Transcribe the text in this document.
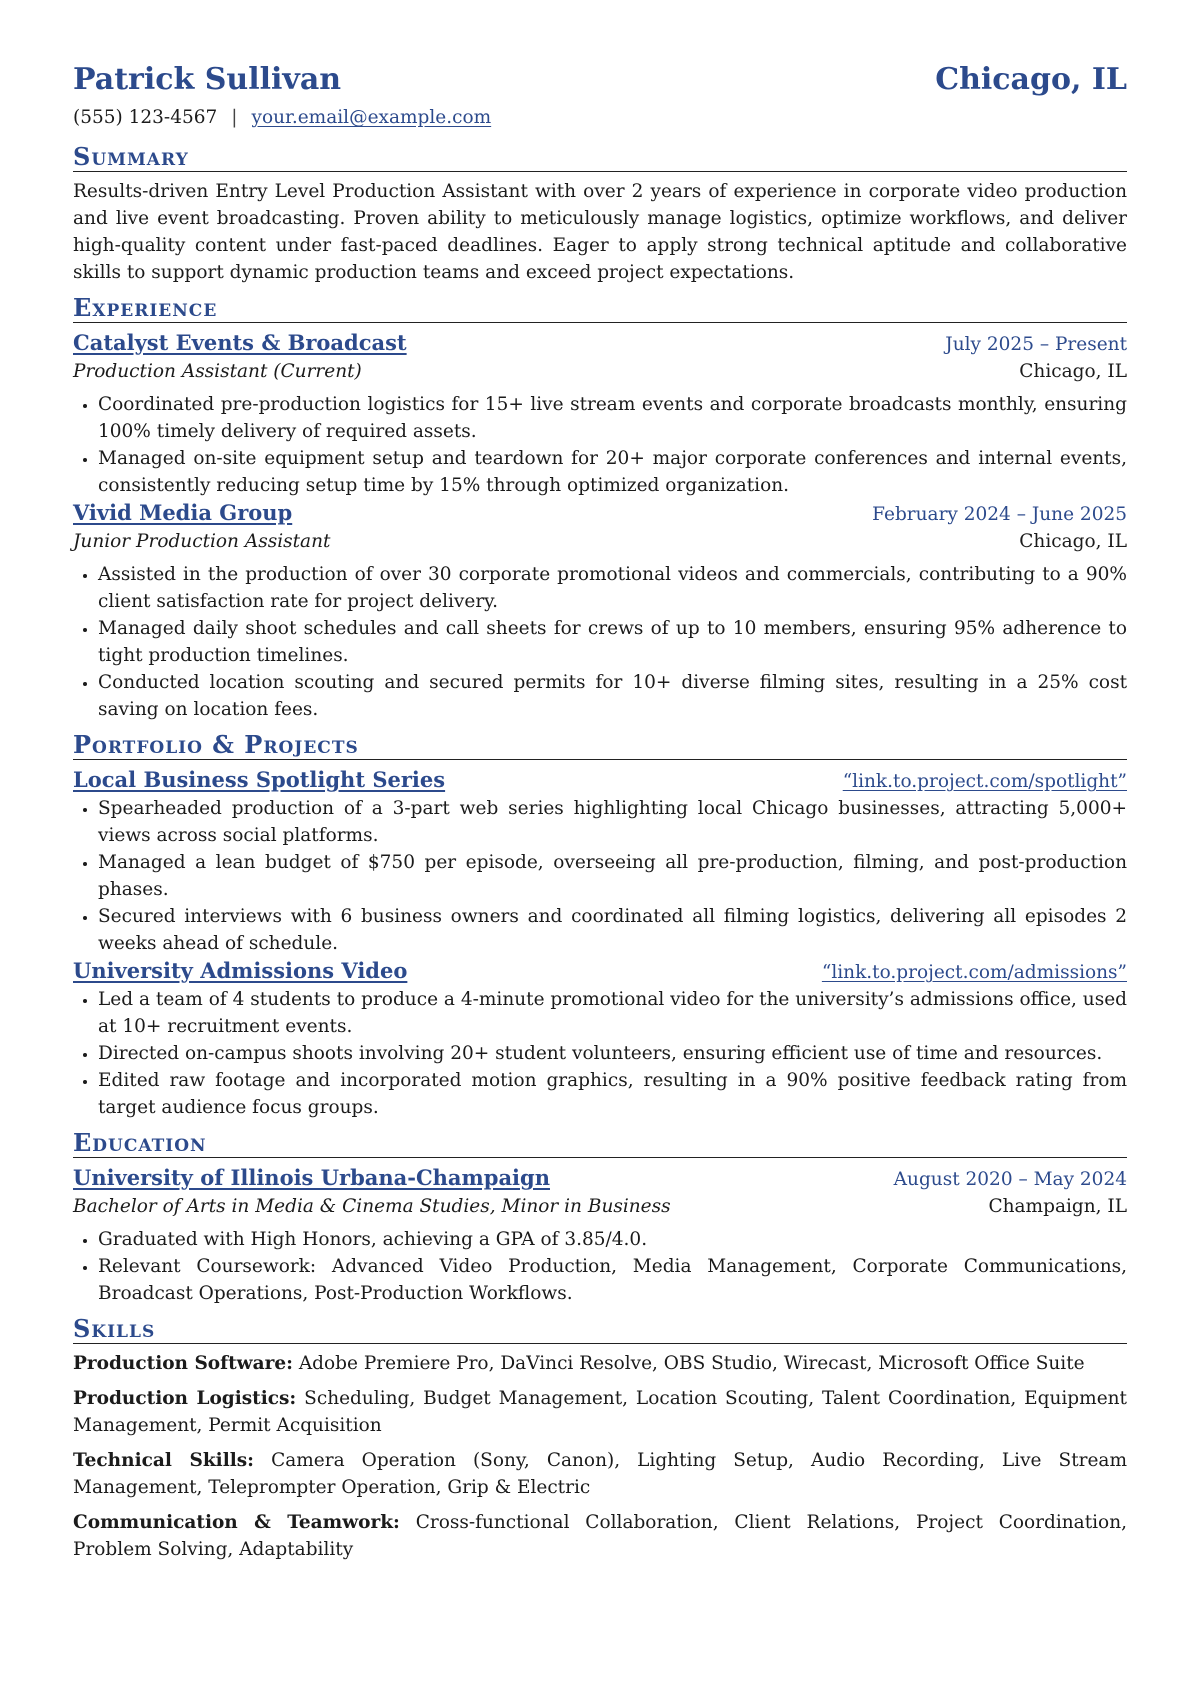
Patrick Sullivan	Chicago, IL
(555) 123-4567 | your.email@example.com
Summary

Results-driven Entry Level Production Assistant with over 2 years of experience in corporate video production and live event broadcasting. Proven ability to meticulously manage logistics, optimize workflows, and deliver high-quality content under fast-paced deadlines. Eager to apply strong technical aptitude and collaborative skills to support dynamic production teams and exceed project expectations.

Experience
Catalyst Events & Broadcast	July 2025 – Present
Production Assistant (Current)	Chicago, IL
• Coordinated pre-production logistics for 15+ live stream events and corporate broadcasts monthly, ensuring 100% timely delivery of required assets.
• Managed on-site equipment setup and teardown for 20+ major corporate conferences and internal events, consistently reducing setup time by 15% through optimized organization.
Vivid Media Group	February 2024 – June 2025
Junior Production Assistant	Chicago, IL
• Assisted in the production of over 30 corporate promotional videos and commercials, contributing to a 90% client satisfaction rate for project delivery.
• Managed daily shoot schedules and call sheets for crews of up to 10 members, ensuring 95% adherence to tight production timelines.
• Conducted location scouting and secured permits for 10+ diverse filming sites, resulting in a 25% cost saving on location fees.
Portfolio & Projects
Local Business Spotlight Series	“link.to.project.com/spotlight”
• Spearheaded production of a 3-part web series highlighting local Chicago businesses, attracting 5,000+ views across social platforms.
• Managed a lean budget of $750 per episode, overseeing all pre-production, filming, and post-production phases.
• Secured interviews with 6 business owners and coordinated all filming logistics, delivering all episodes 2 weeks ahead of schedule.
University Admissions Video	“link.to.project.com/admissions”
• Led a team of 4 students to produce a 4-minute promotional video for the university’s admissions office, used at 10+ recruitment events.
• Directed on-campus shoots involving 20+ student volunteers, ensuring efficient use of time and resources.
• Edited raw footage and incorporated motion graphics, resulting in a 90% positive feedback rating from target audience focus groups.
Education
University of Illinois Urbana-Champaign	August 2020 – May 2024
Bachelor of Arts in Media & Cinema Studies, Minor in Business	Champaign, IL
• Graduated with High Honors, achieving a GPA of 3.85/4.0.
• Relevant Coursework: Advanced Video Production, Media Management, Corporate Communications, Broadcast Operations, Post-Production Workflows.
Skills

Production Software: Adobe Premiere Pro, DaVinci Resolve, OBS Studio, Wirecast, Microsoft Office Suite

Production Logistics: Scheduling, Budget Management, Location Scouting, Talent Coordination, Equipment Management, Permit Acquisition

Technical Skills: Camera Operation (Sony, Canon), Lighting Setup, Audio Recording, Live Stream Management, Teleprompter Operation, Grip & Electric

Communication & Teamwork: Cross-functional Collaboration, Client Relations, Project Coordination, Problem Solving, Adaptability
